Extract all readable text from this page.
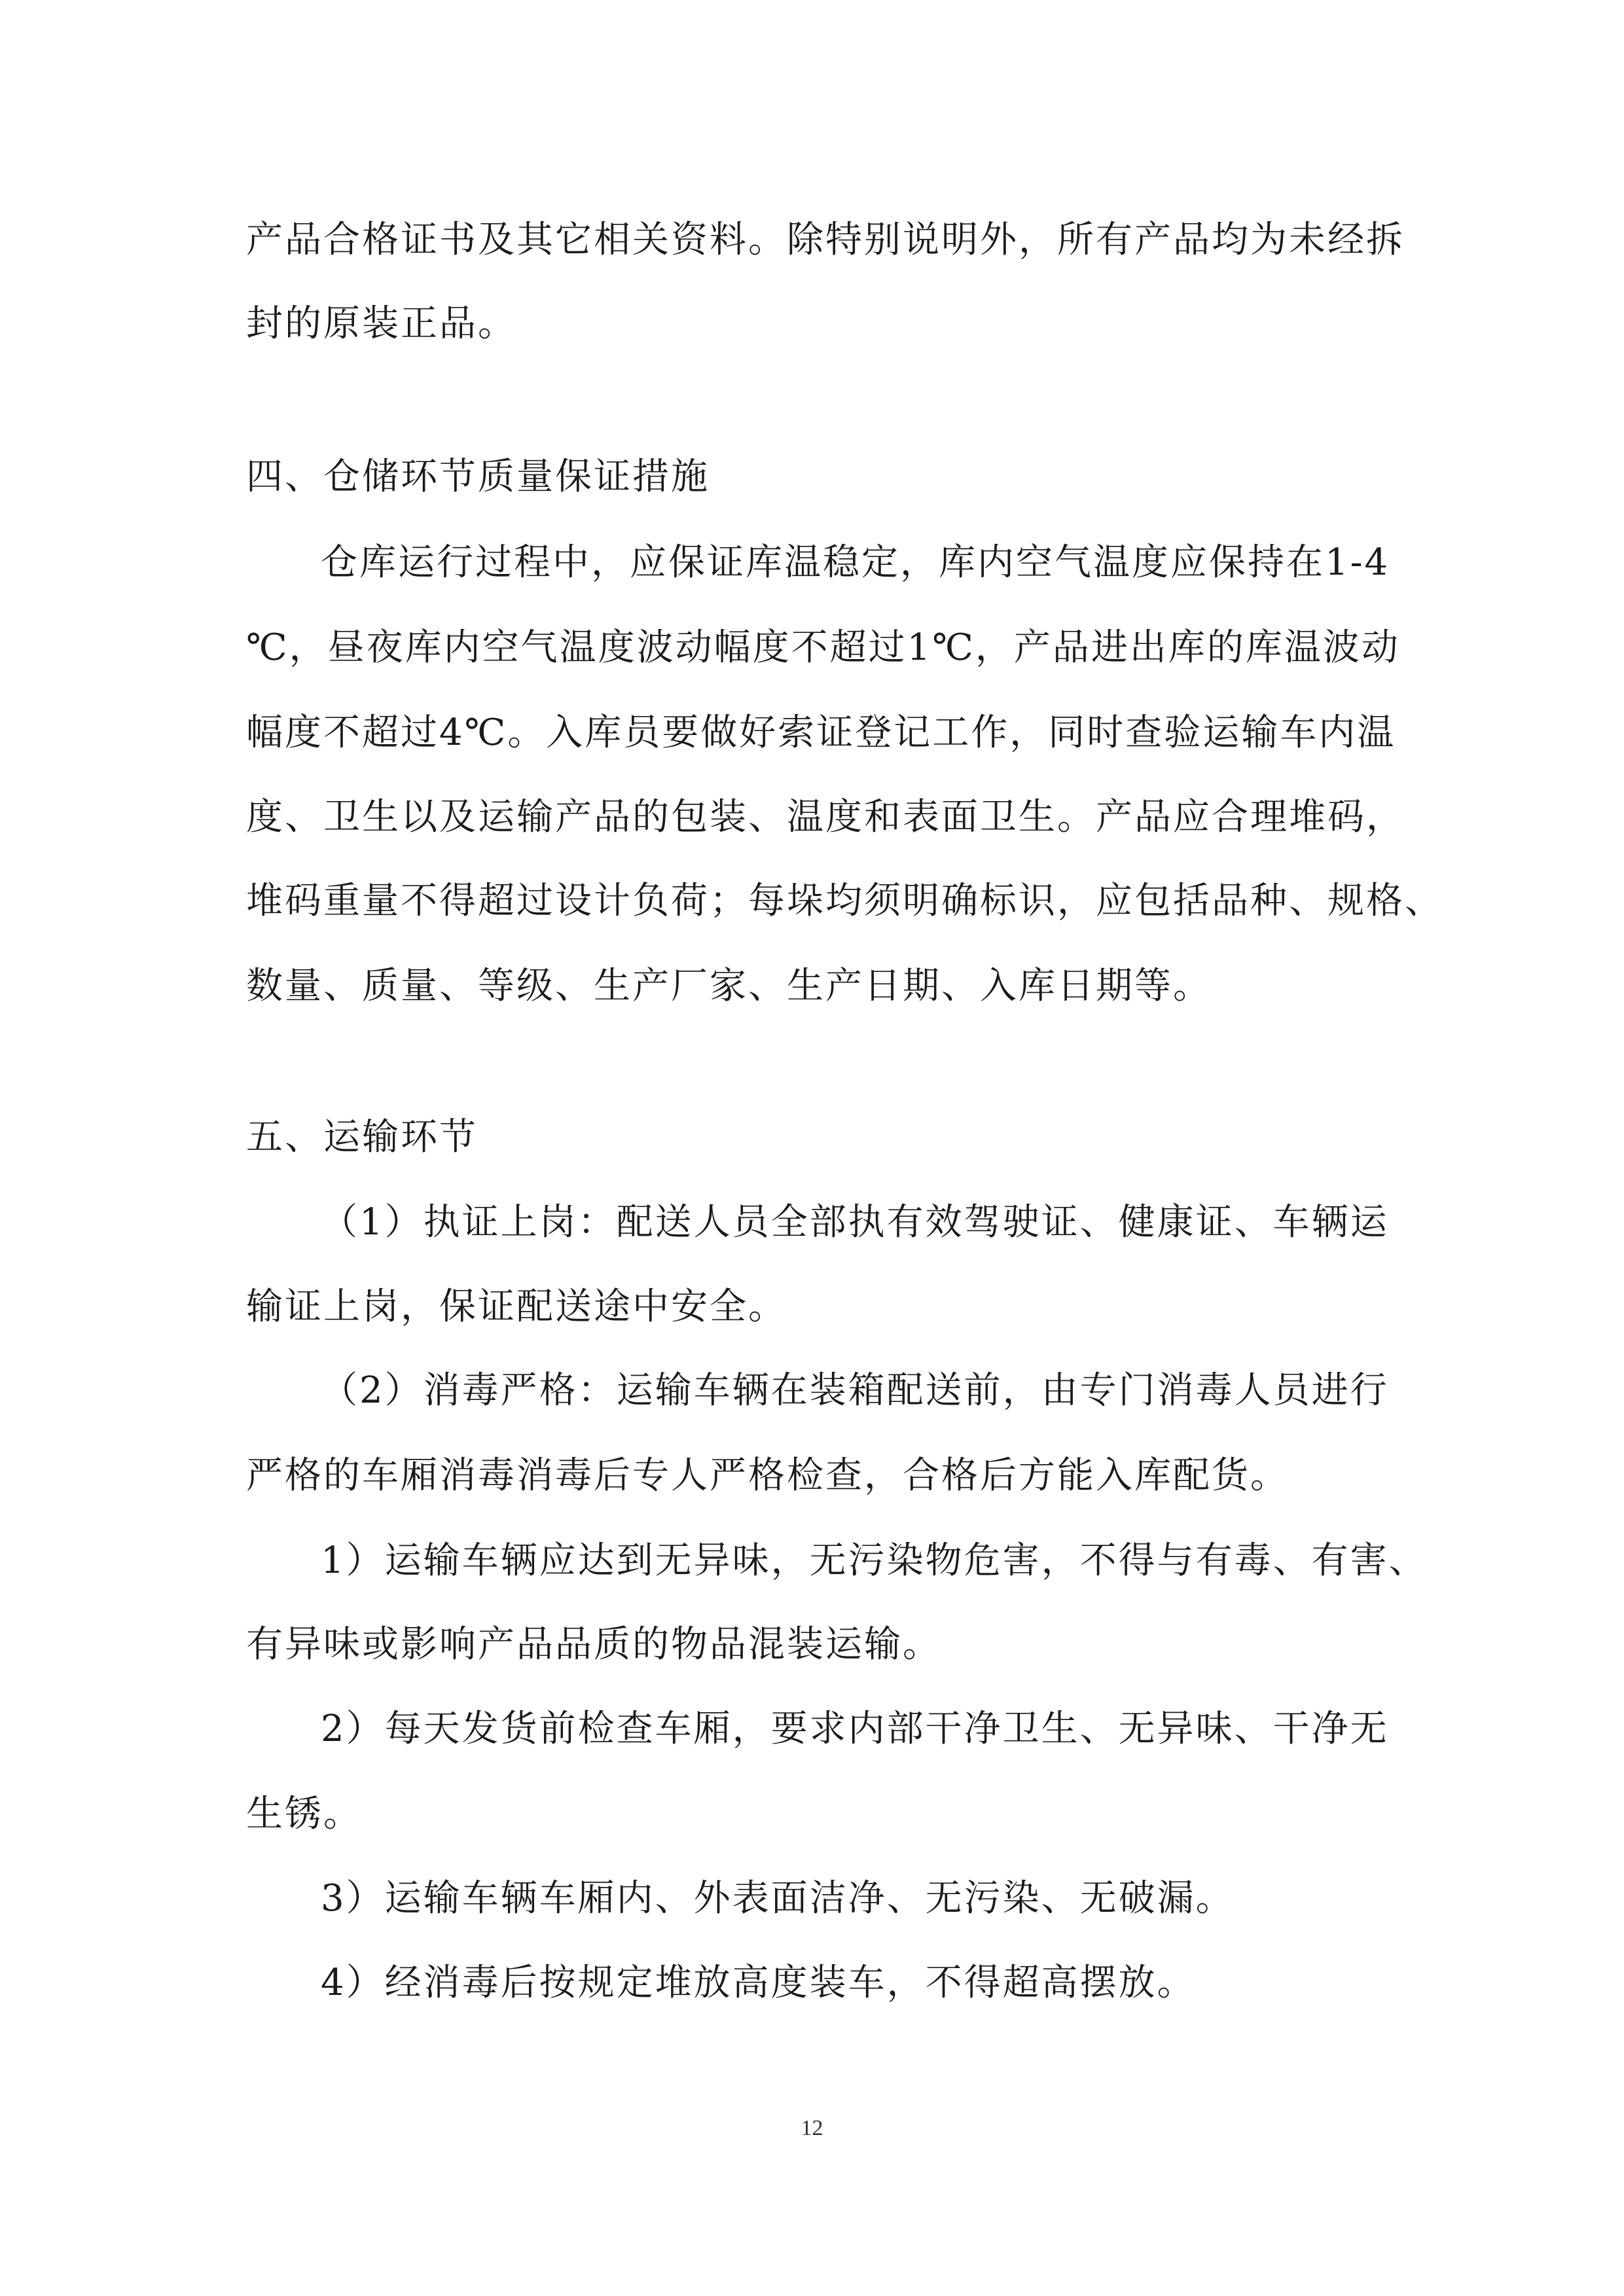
产品合格证书及其它相关资料。除特别说明外，所有产品均为未经拆
封的原装正品。
四、仓储环节质量保证措施
仓库运行过程中，应保证库温稳定，库内空气温度应保持在1-4
℃，昼夜库内空气温度波动幅度不超过1℃，产品进出库的库温波动
幅度不超过4℃。入库员要做好索证登记工作，同时查验运输车内温
度、卫生以及运输产品的包装、温度和表面卫生。产品应合理堆码，
堆码重量不得超过设计负荷；每垛均须明确标识，应包括品种、规格、
数量、质量、等级、生产厂家、生产日期、入库日期等。
五、运输环节
（1）执证上岗：配送人员全部执有效驾驶证、健康证、车辆运
输证上岗，保证配送途中安全。
（2）消毒严格：运输车辆在装箱配送前，由专门消毒人员进行
严格的车厢消毒消毒后专人严格检查，合格后方能入库配货。
1）运输车辆应达到无异味，无污染物危害，不得与有毒、有害、
有异味或影响产品品质的物品混装运输。
2）每天发货前检查车厢，要求内部干净卫生、无异味、干净无
生锈。
3）运输车辆车厢内、外表面洁净、无污染、无破漏。
4）经消毒后按规定堆放高度装车，不得超高摆放。
12
